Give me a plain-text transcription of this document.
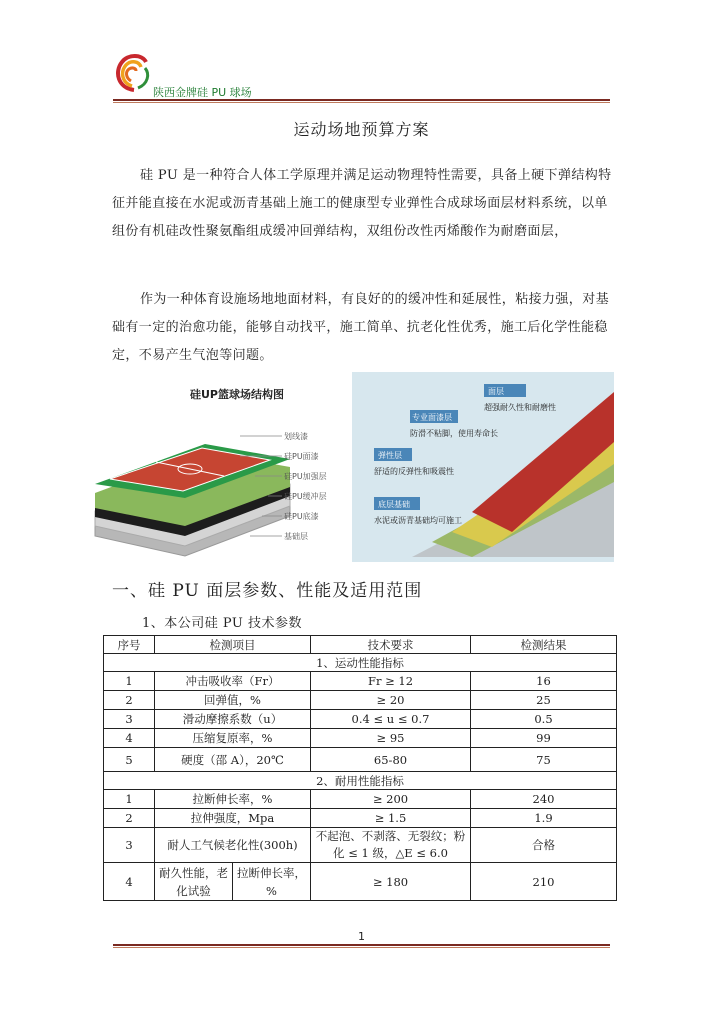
陕西金牌硅 PU 球场
运动场地预算方案
硅 PU 是一种符合人体工学原理并满足运动物理特性需要，具备上硬下弹结构特征并能直接在水泥或沥青基础上施工的健康型专业弹性合成球场面层材料系统，以单组份有机硅改性聚氨酯组成缓冲回弹结构，双组份改性丙烯酸作为耐磨面层，
作为一种体育设施场地地面材料，有良好的的缓冲性和延展性，粘接力强，对基础有一定的治愈功能，能够自动找平，施工简单、抗老化性优秀，施工后化学性能稳定，不易产生气泡等问题。
硅UP篮球场结构图
划线漆
硅PU面漆
硅PU加强层
硅PU缓冲层
硅PU底漆
基础层
面层
超强耐久性和耐磨性
专业面漆层
防滑不粘脚，使用寿命长
弹性层
舒适的反弹性和吸震性
底层基础
水泥或沥青基础均可施工
一、硅 PU 面层参数、性能及适用范围
1、本公司硅 PU 技术参数
序号	检测项目		技术要求	检测结果
1、运动性能指标				
1	冲击吸收率（Fr）		Fr ≥ 12	16
2	回弹值，%		≥ 20	25
3	滑动摩擦系数（u）		0.4 ≤ u ≤ 0.7	0.5
4	压缩复原率，%		≥ 95	99
5	硬度（邵 A），20℃		65-80	75
2、耐用性能指标				
1	拉断伸长率，%		≥ 200	240
2	拉伸强度，Mpa		≥ 1.5	1.9
3	耐人工气候老化性(300h)		不起泡、不剥落、无裂纹；粉化 ≤ 1 级，△E ≤ 6.0	合格
4	耐久性能，老化试验	拉断伸长率，%	≥ 180	210
1
